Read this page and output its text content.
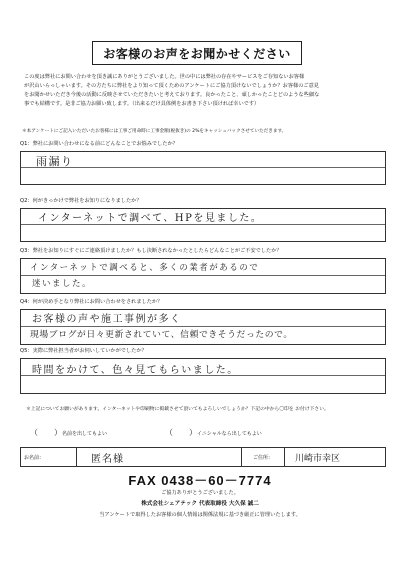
お客様のお声をお聞かせください

この度は弊社にお問い合わせを頂き誠にありがとうございました。世の中には弊社の存在やサービスをご存知ないお客様

が沢山いらっしゃいます。その方たちに弊社をより知って頂くためのアンケートにご協力頂けないでしょうか？お客様のご意見

をお聞かせいただき今後の活動に反映させていただきたいと考えております。良かったこと、頑しかったことどのような些細な

事でも結構です。是非ご協力お願い致します。（出来るだけ具体例をお書き下さい頂ければ幸いです）

＊本アンケートにご記入いただいたお客様には工事ご用命時に工事金額(税抜き)の 2%をキャッシュバックさせていただきます。
Q1：弊社にお問い合わせになる前にどんなことでお悩みでしたか？
雨漏り
Q2：何がきっかけで弊社をお知りになりましたか？
インターネットで調べて、HPを見ました。
Q3：弊社をお知りにすぐにご連絡頂けましたか？もし決断されなかったとしたらどんなことがご不安でしたか？
インターネットで調べると、多くの業者があるので
迷いました。
Q4：何が決め手となり弊社にお問い合わせをされましたか？
お客様の声や施工事例が多く
現場ブログが日々更新されていて、信頼できそうだったので。
Q5：実際に弊社担当者がお伺いしていかがでしたか？
時間をかけて、色々見てもらいました。
＊上記についてお願いがあります。インターネットや印刷物に掲載させて頂いてもよろしいでしょうか？下記の中から〇印を お付け下さい。
（　　）名前を出してもよい	（　　）イニシャルなら出してもよい
お名前：	匿名様	ご住所：	川崎市幸区
FAX 0438－60－7774
ご協力ありがとうございました。
株式会社シェアテック 代表取締役 大久保 誠二
当アンケートで取得したお客様の個人情報は関係法規に基づき厳正に管理いたします。
